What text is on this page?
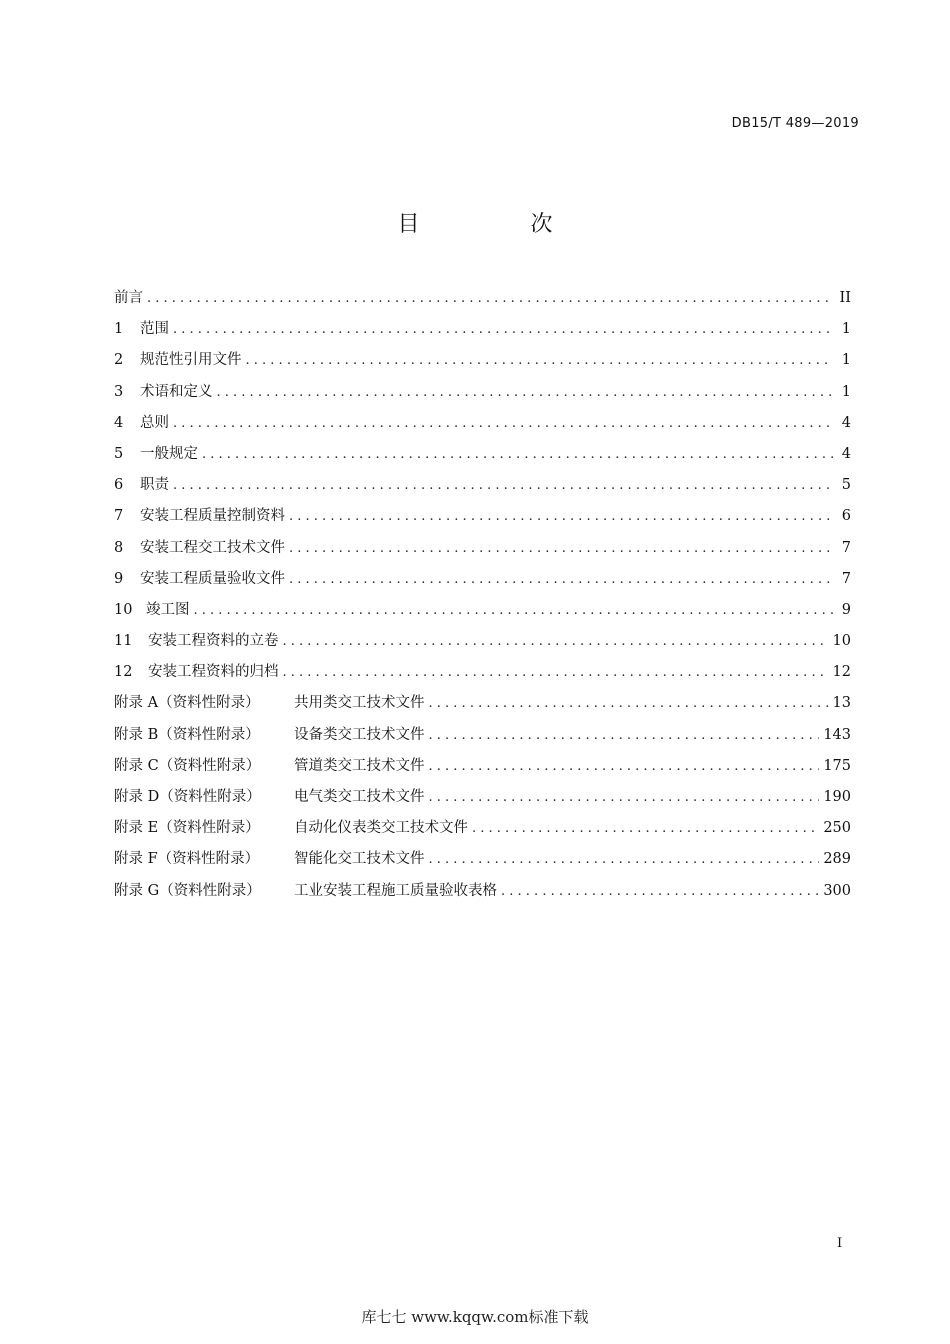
DB15/T 489—2019
目 次
前言 . . .	II
1	范围 . . .	1
2	规范性引用文件 . . .	1
3	术语和定义 . . .	1
4	总则 . . .	4
5	一般规定 . . .	4
6	职责 . . .	5
7	安装工程质量控制资料 . . .	6
8	安装工程交工技术文件 . . .	7
9	安装工程质量验收文件 . . .	7
10 竣工图 . . .	9
11	安装工程资料的立卷 . . .	10
12	安装工程资料的归档 . . .	12
附录 A（资料性附录）	共用类交工技术文件 . . .	13
附录 B（资料性附录）	设备类交工技术文件 . . .	143
附录 C（资料性附录）	管道类交工技术文件 . . .	175
附录 D（资料性附录）	电气类交工技术文件 . . .	190
附录 E（资料性附录）	自动化仪表类交工技术文件 . . .	250
附录 F（资料性附录）	智能化交工技术文件 . . .	289
附录 G（资料性附录）	工业安装工程施工质量验收表格 . . .	300
I
库七七 www.kqqw.com标准下载
